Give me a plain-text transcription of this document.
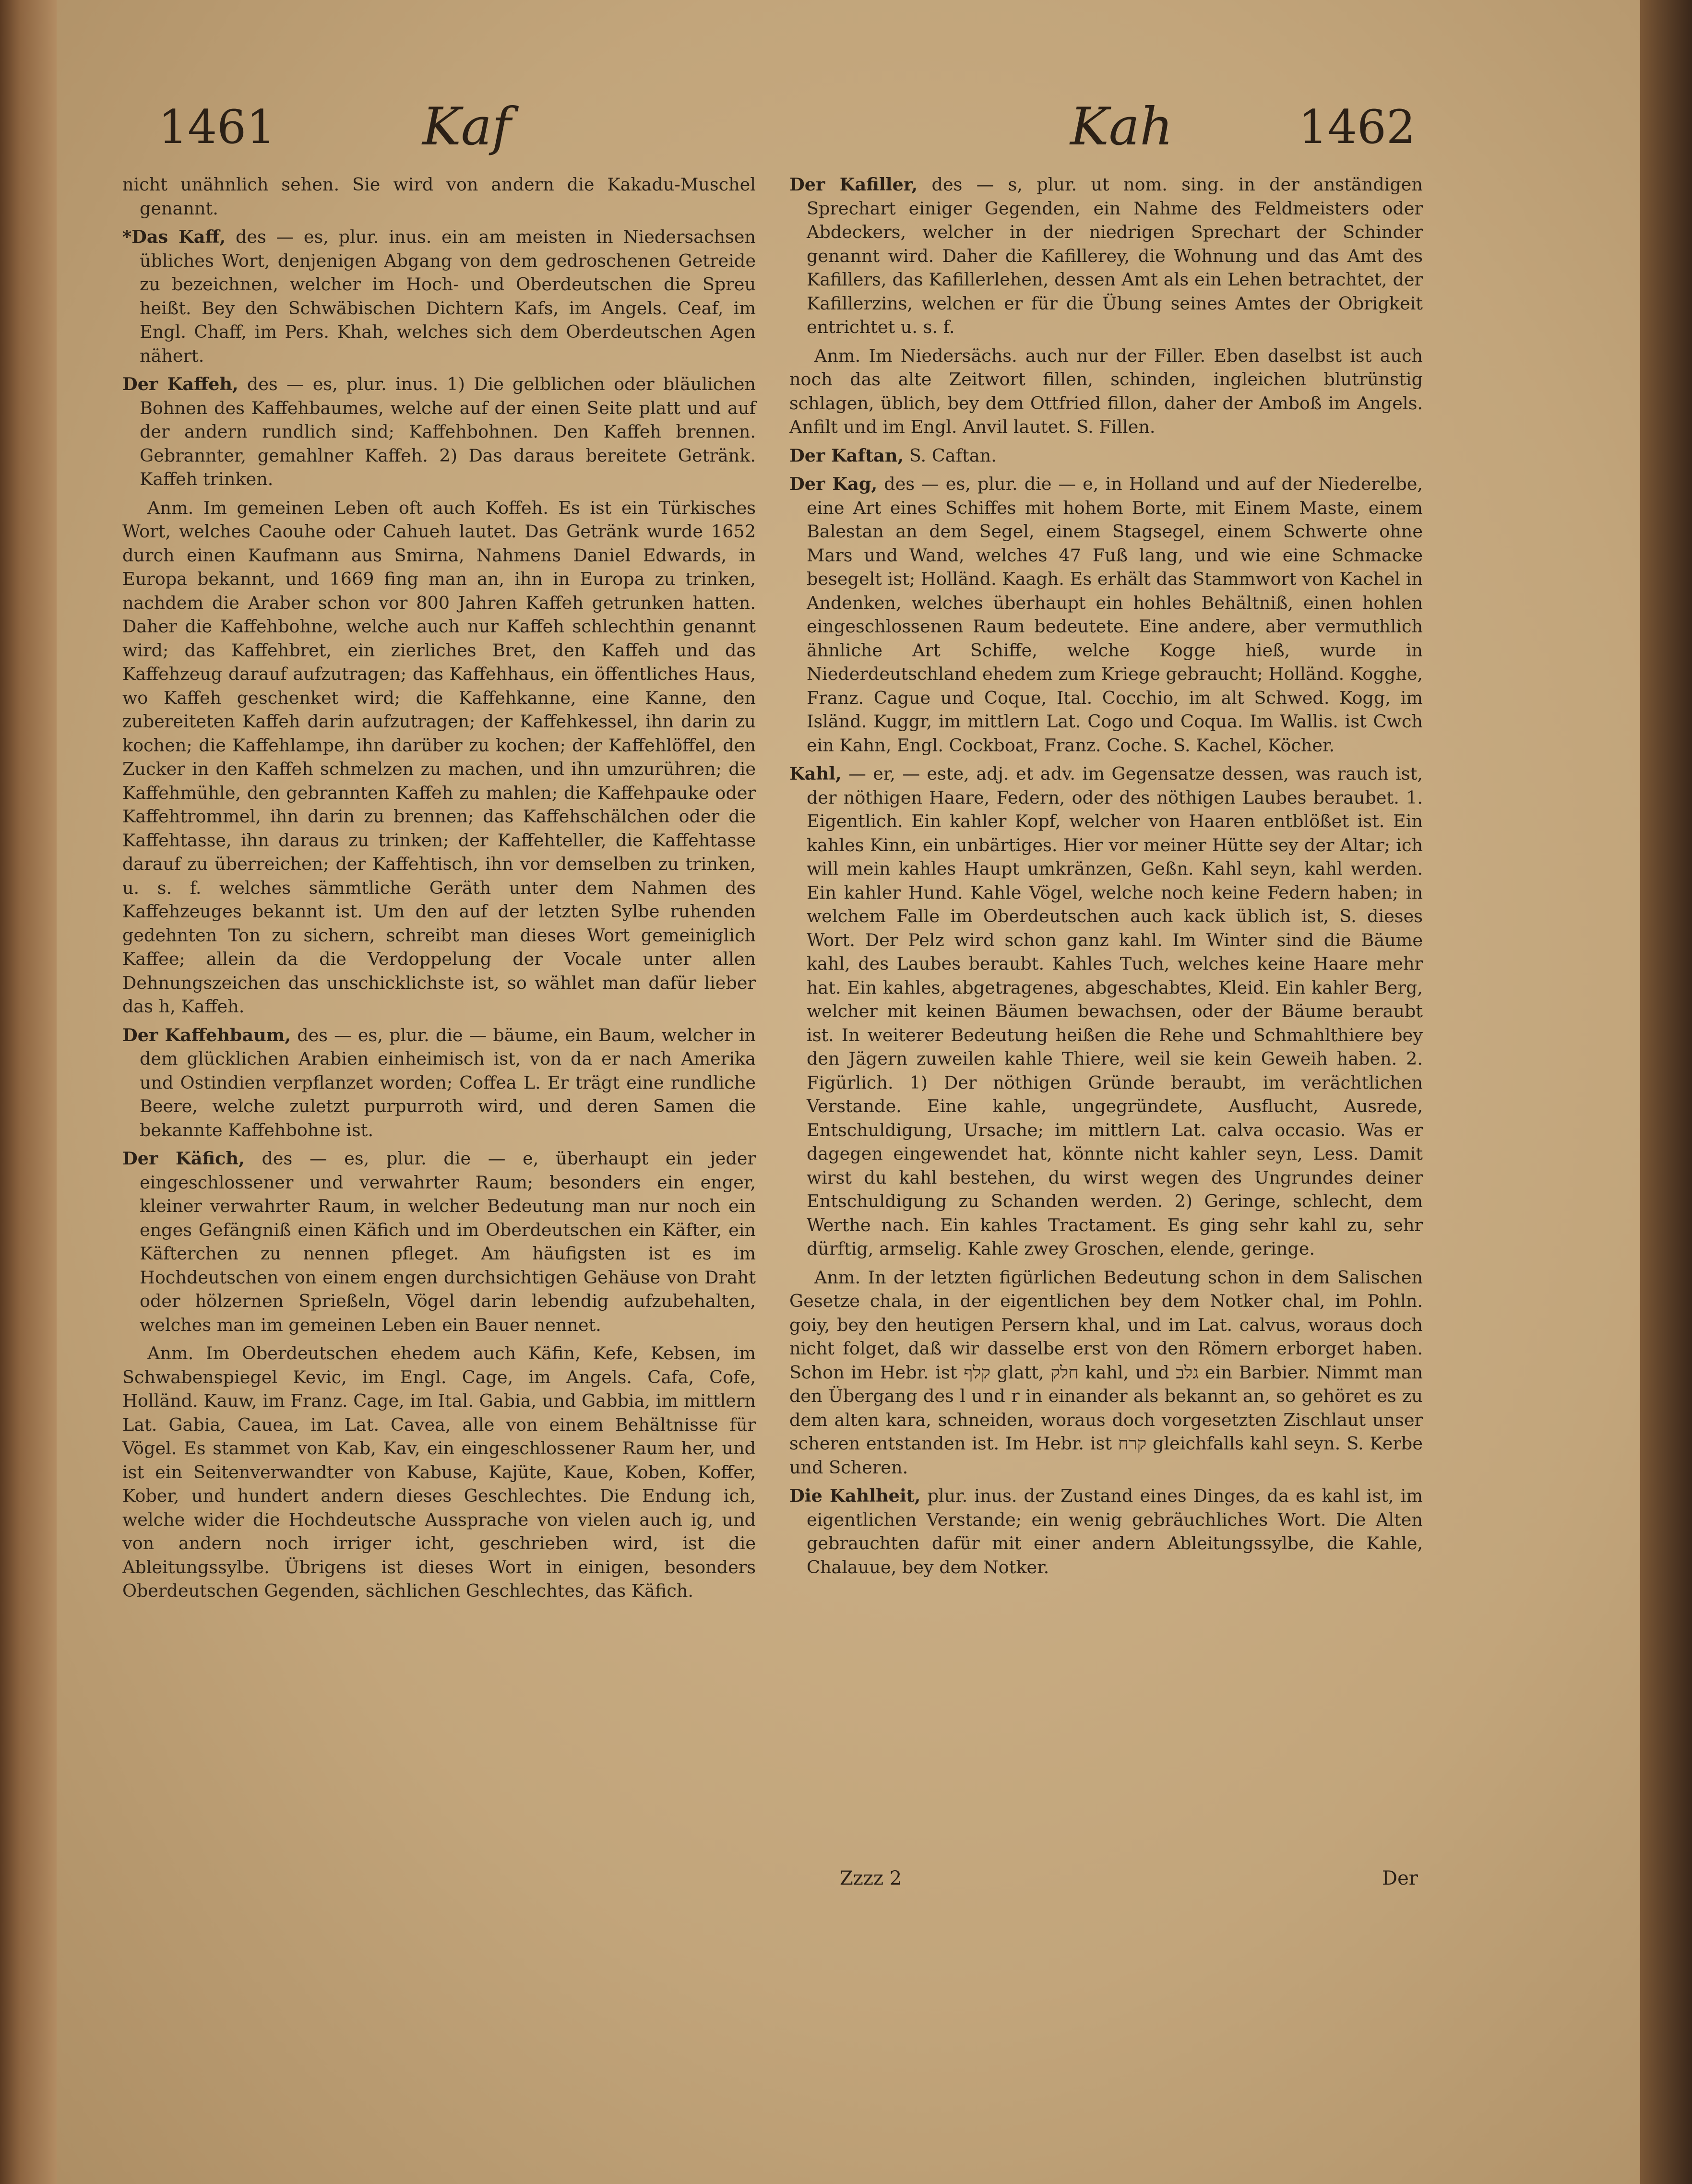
1461	Kaf	Kah	1462

nicht unähnlich sehen. Sie wird von andern die Kakadu-Muschel genannt.

*Das Kaff, des — es, plur. inus. ein am meisten in Niedersachsen übliches Wort, denjenigen Abgang von dem gedroschenen Getreide zu bezeichnen, welcher im Hoch- und Oberdeutschen die Spreu heißt. Bey den Schwäbischen Dichtern Kafs, im Angels. Ceaf, im Engl. Chaff, im Pers. Khah, welches sich dem Oberdeutschen Agen nähert.

Der Kaffeh, des — es, plur. inus. 1) Die gelblichen oder bläulichen Bohnen des Kaffehbaumes, welche auf der einen Seite platt und auf der andern rundlich sind; Kaffehbohnen. Den Kaffeh brennen. Gebrannter, gemahlner Kaffeh. 2) Das daraus bereitete Getränk. Kaffeh trinken.

Anm. Im gemeinen Leben oft auch Koffeh. Es ist ein Türkisches Wort, welches Caouhe oder Cahueh lautet. Das Getränk wurde 1652 durch einen Kaufmann aus Smirna, Nahmens Daniel Edwards, in Europa bekannt, und 1669 fing man an, ihn in Europa zu trinken, nachdem die Araber schon vor 800 Jahren Kaffeh getrunken hatten. Daher die Kaffehbohne, welche auch nur Kaffeh schlechthin genannt wird; das Kaffehbret, ein zierliches Bret, den Kaffeh und das Kaffehzeug darauf aufzutragen; das Kaffehhaus, ein öffentliches Haus, wo Kaffeh geschenket wird; die Kaffehkanne, eine Kanne, den zubereiteten Kaffeh darin aufzutragen; der Kaffehkessel, ihn darin zu kochen; die Kaffehlampe, ihn darüber zu kochen; der Kaffehlöffel, den Zucker in den Kaffeh schmelzen zu machen, und ihn umzurühren; die Kaffehmühle, den gebrannten Kaffeh zu mahlen; die Kaffehpauke oder Kaffehtrommel, ihn darin zu brennen; das Kaffehschälchen oder die Kaffehtasse, ihn daraus zu trinken; der Kaffehteller, die Kaffehtasse darauf zu überreichen; der Kaffehtisch, ihn vor demselben zu trinken, u. s. f. welches sämmtliche Geräth unter dem Nahmen des Kaffehzeuges bekannt ist. Um den auf der letzten Sylbe ruhenden gedehnten Ton zu sichern, schreibt man dieses Wort gemeiniglich Kaffee; allein da die Verdoppelung der Vocale unter allen Dehnungszeichen das unschicklichste ist, so wählet man dafür lieber das h, Kaffeh.

Der Kaffehbaum, des — es, plur. die — bäume, ein Baum, welcher in dem glücklichen Arabien einheimisch ist, von da er nach Amerika und Ostindien verpflanzet worden; Coffea L. Er trägt eine rundliche Beere, welche zuletzt purpurroth wird, und deren Samen die bekannte Kaffehbohne ist.

Der Käfich, des — es, plur. die — e, überhaupt ein jeder eingeschlossener und verwahrter Raum; besonders ein enger, kleiner verwahrter Raum, in welcher Bedeutung man nur noch ein enges Gefängniß einen Käfich und im Oberdeutschen ein Käfter, ein Käfterchen zu nennen pfleget. Am häufigsten ist es im Hochdeutschen von einem engen durchsichtigen Gehäuse von Draht oder hölzernen Sprießeln, Vögel darin lebendig aufzubehalten, welches man im gemeinen Leben ein Bauer nennet.

Anm. Im Oberdeutschen ehedem auch Käfin, Kefe, Kebsen, im Schwabenspiegel Kevic, im Engl. Cage, im Angels. Cafa, Cofe, Holländ. Kauw, im Franz. Cage, im Ital. Gabia, und Gabbia, im mittlern Lat. Gabia, Cauea, im Lat. Cavea, alle von einem Behältnisse für Vögel. Es stammet von Kab, Kav, ein eingeschlossener Raum her, und ist ein Seitenverwandter von Kabuse, Kajüte, Kaue, Koben, Koffer, Kober, und hundert andern dieses Geschlechtes. Die Endung ich, welche wider die Hochdeutsche Aussprache von vielen auch ig, und von andern noch irriger icht, geschrieben wird, ist die Ableitungssylbe. Übrigens ist dieses Wort in einigen, besonders Oberdeutschen Gegenden, sächlichen Geschlechtes, das Käfich.

Der Kafiller, des — s, plur. ut nom. sing. in der anständigen Sprechart einiger Gegenden, ein Nahme des Feldmeisters oder Abdeckers, welcher in der niedrigen Sprechart der Schinder genannt wird. Daher die Kafillerey, die Wohnung und das Amt des Kafillers, das Kafillerlehen, dessen Amt als ein Lehen betrachtet, der Kafillerzins, welchen er für die Übung seines Amtes der Obrigkeit entrichtet u. s. f.

Anm. Im Niedersächs. auch nur der Filler. Eben daselbst ist auch noch das alte Zeitwort fillen, schinden, ingleichen blutrünstig schlagen, üblich, bey dem Ottfried fillon, daher der Amboß im Angels. Anfilt und im Engl. Anvil lautet. S. Fillen.

Der Kaftan, S. Caftan.

Der Kag, des — es, plur. die — e, in Holland und auf der Niederelbe, eine Art eines Schiffes mit hohem Borte, mit Einem Maste, einem Balestan an dem Segel, einem Stagsegel, einem Schwerte ohne Mars und Wand, welches 47 Fuß lang, und wie eine Schmacke besegelt ist; Holländ. Kaagh. Es erhält das Stammwort von Kachel in Andenken, welches überhaupt ein hohles Behältniß, einen hohlen eingeschlossenen Raum bedeutete. Eine andere, aber vermuthlich ähnliche Art Schiffe, welche Kogge hieß, wurde in Niederdeutschland ehedem zum Kriege gebraucht; Holländ. Kogghe, Franz. Cague und Coque, Ital. Cocchio, im alt Schwed. Kogg, im Isländ. Kuggr, im mittlern Lat. Cogo und Coqua. Im Wallis. ist Cwch ein Kahn, Engl. Cockboat, Franz. Coche. S. Kachel, Köcher.

Kahl, — er, — este, adj. et adv. im Gegensatze dessen, was rauch ist, der nöthigen Haare, Federn, oder des nöthigen Laubes beraubet. 1. Eigentlich. Ein kahler Kopf, welcher von Haaren entblößet ist. Ein kahles Kinn, ein unbärtiges. Hier vor meiner Hütte sey der Altar; ich will mein kahles Haupt umkränzen, Geßn. Kahl seyn, kahl werden. Ein kahler Hund. Kahle Vögel, welche noch keine Federn haben; in welchem Falle im Oberdeutschen auch kack üblich ist, S. dieses Wort. Der Pelz wird schon ganz kahl. Im Winter sind die Bäume kahl, des Laubes beraubt. Kahles Tuch, welches keine Haare mehr hat. Ein kahles, abgetragenes, abgeschabtes, Kleid. Ein kahler Berg, welcher mit keinen Bäumen bewachsen, oder der Bäume beraubt ist. In weiterer Bedeutung heißen die Rehe und Schmahlthiere bey den Jägern zuweilen kahle Thiere, weil sie kein Geweih haben. 2. Figürlich. 1) Der nöthigen Gründe beraubt, im verächtlichen Verstande. Eine kahle, ungegründete, Ausflucht, Ausrede, Entschuldigung, Ursache; im mittlern Lat. calva occasio. Was er dagegen eingewendet hat, könnte nicht kahler seyn, Less. Damit wirst du kahl bestehen, du wirst wegen des Ungrundes deiner Entschuldigung zu Schanden werden. 2) Geringe, schlecht, dem Werthe nach. Ein kahles Tractament. Es ging sehr kahl zu, sehr dürftig, armselig. Kahle zwey Groschen, elende, geringe.

Anm. In der letzten figürlichen Bedeutung schon in dem Salischen Gesetze chala, in der eigentlichen bey dem Notker chal, im Pohln. goiy, bey den heutigen Persern khal, und im Lat. calvus, woraus doch nicht folget, daß wir dasselbe erst von den Römern erborget haben. Schon im Hebr. ist קלף glatt, חלק kahl, und גלב ein Barbier. Nimmt man den Übergang des l und r in einander als bekannt an, so gehöret es zu dem alten kara, schneiden, woraus doch vorgesetzten Zischlaut unser scheren entstanden ist. Im Hebr. ist קרח gleichfalls kahl seyn. S. Kerbe und Scheren.

Die Kahlheit, plur. inus. der Zustand eines Dinges, da es kahl ist, im eigentlichen Verstande; ein wenig gebräuchliches Wort. Die Alten gebrauchten dafür mit einer andern Ableitungssylbe, die Kahle, Chalauue, bey dem Notker.

Zzzz 2	Der
